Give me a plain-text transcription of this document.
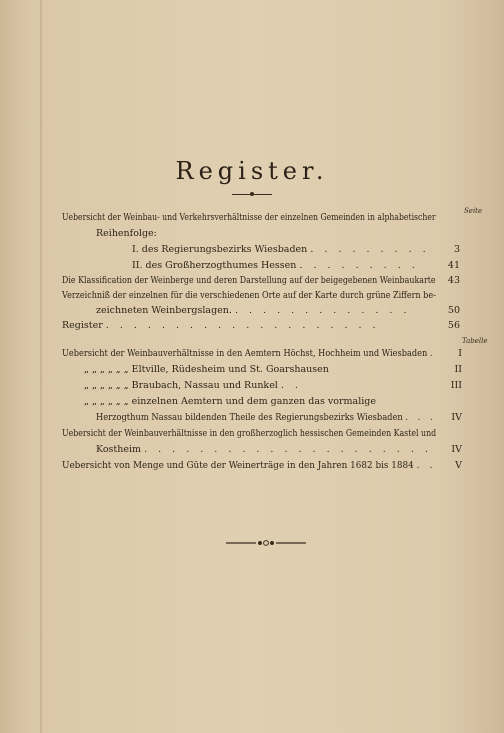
Register.
Seite
Tabelle
Uebersicht der Weinbau- und Verkehrsverhältnisse der einzelnen Gemeinden in alphabetischer
Reihenfolge:
I. des Regierungsbezirks Wiesbaden . . . . . . . . .	3
II. des Großherzogthumes Hessen . . . . . . . . .	41
Die Klassification der Weinberge und deren Darstellung auf der beigegebenen Weinbaukarte	43
Verzeichniß der einzelnen für die verschiedenen Orte auf der Karte durch grüne Ziffern be-
zeichneten Weinbergslagen. . . . . . . . . . . . . .	50
Register . . . . . . . . . . . . . . . . . . . .	56
Uebersicht der Weinbauverhältnisse in den Aemtern Höchst, Hochheim und Wiesbaden .	I
„ „ „ „ „ „ Eltville, Rüdesheim und St. Goarshausen	II
„ „ „ „ „ „ Braubach, Nassau und Runkel . .	III
„ „ „ „ „ „ einzelnen Aemtern und dem ganzen das vormalige
Herzogthum Nassau bildenden Theile des Regierungsbezirks Wiesbaden . . .	IV
Uebersicht der Weinbauverhältnisse in den großherzoglich hessischen Gemeinden Kastel und
Kostheim . . . . . . . . . . . . . . . . . . . . .	IV
Uebersicht von Menge und Güte der Weinerträge in den Jahren 1682 bis 1884 . .	V
